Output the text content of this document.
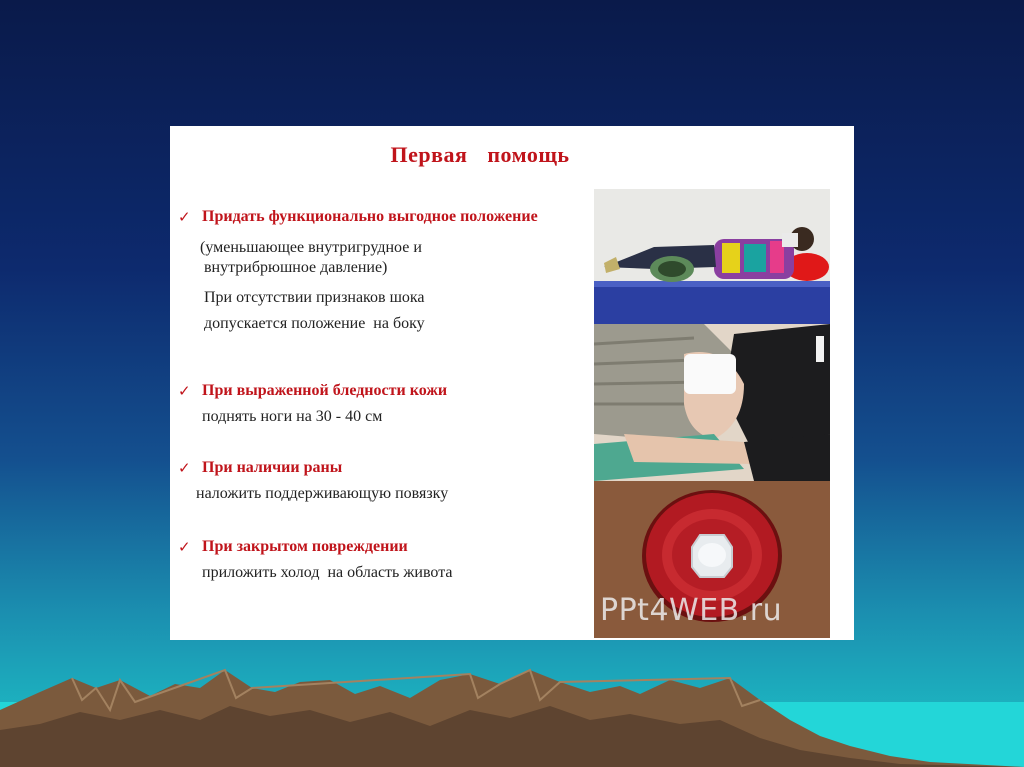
Первая помощь
✓ Придать функционально выгодное положение
(уменьшающее внутригрудное и
внутрибрюшное давление)
При отсутствии признаков шока
допускается положение  на боку
✓ При выраженной бледности кожи
поднять ноги на 30 - 40 см
✓ При наличии раны
наложить поддерживающую повязку
✓ При закрытом повреждении
приложить холод  на область живота
PPt4WEB.ru
